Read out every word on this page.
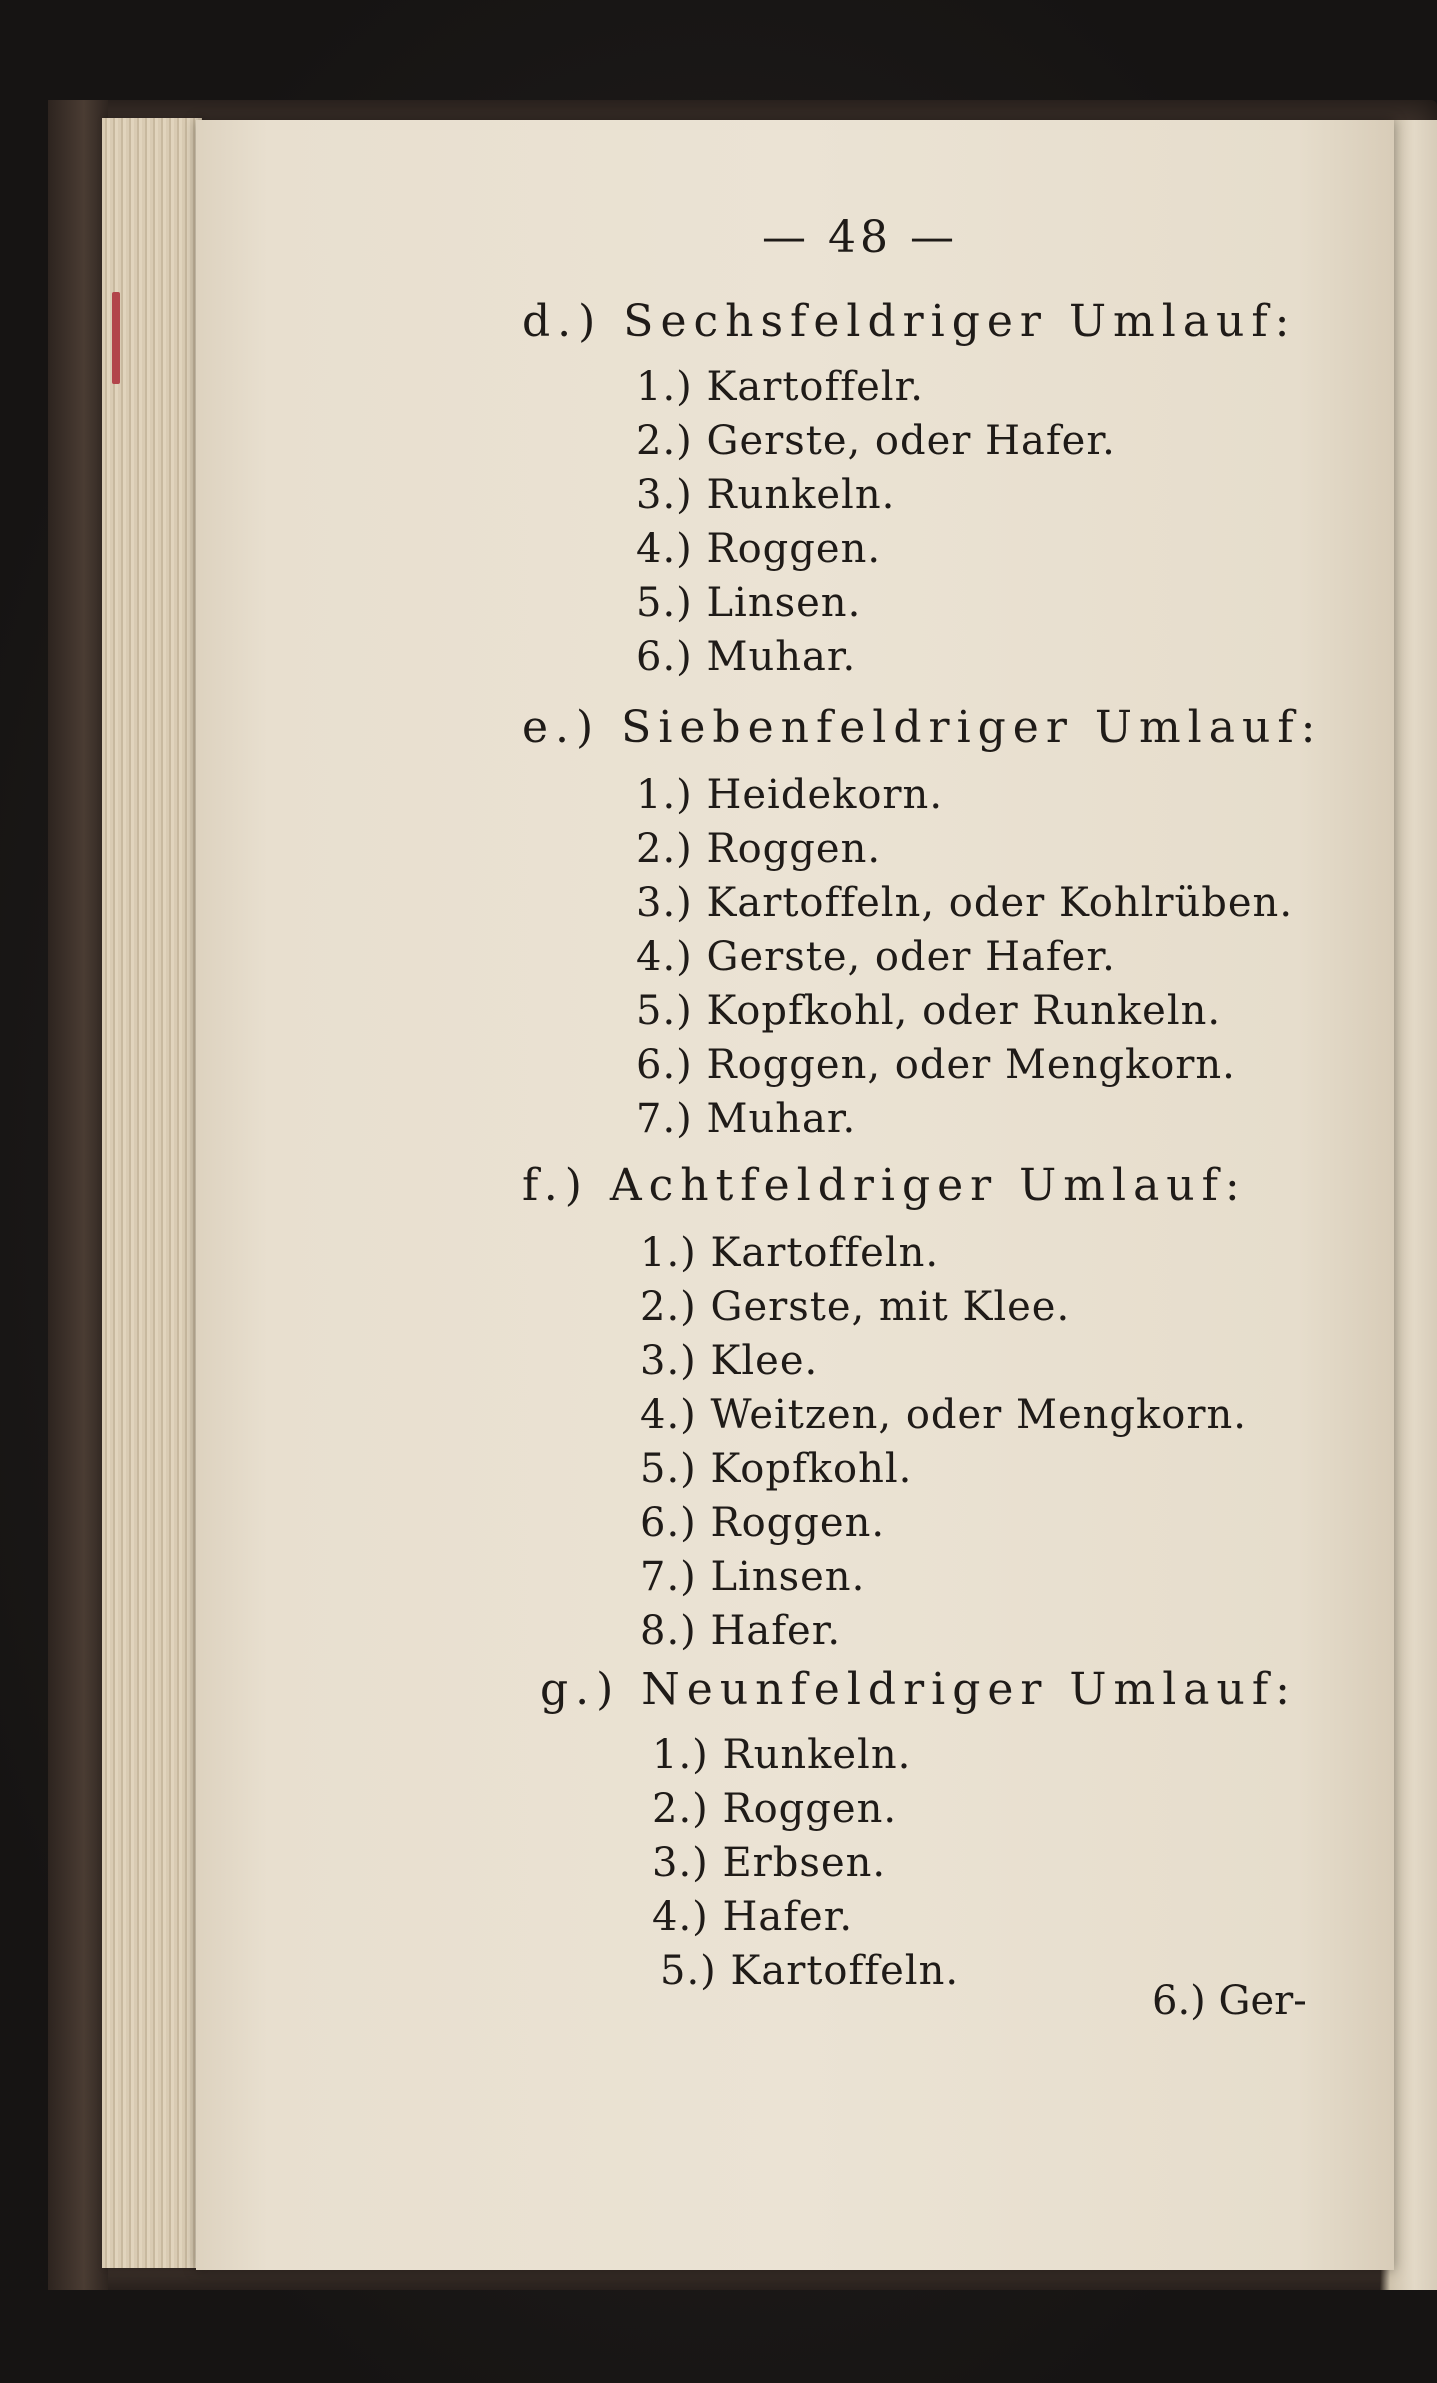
— 48 —
d.) Sechsfeldriger Umlauf:
1.) Kartoffelr.
2.) Gerste, oder Hafer.
3.) Runkeln.
4.) Roggen.
5.) Linsen.
6.) Muhar.
e.) Siebenfeldriger Umlauf:
1.) Heidekorn.
2.) Roggen.
3.) Kartoffeln, oder Kohlrüben.
4.) Gerste, oder Hafer.
5.) Kopfkohl, oder Runkeln.
6.) Roggen, oder Mengkorn.
7.) Muhar.
f.) Achtfeldriger Umlauf:
1.) Kartoffeln.
2.) Gerste, mit Klee.
3.) Klee.
4.) Weitzen, oder Mengkorn.
5.) Kopfkohl.
6.) Roggen.
7.) Linsen.
8.) Hafer.
g.) Neunfeldriger Umlauf:
1.) Runkeln.
2.) Roggen.
3.) Erbsen.
4.) Hafer.
5.) Kartoffeln.
6.) Ger-
